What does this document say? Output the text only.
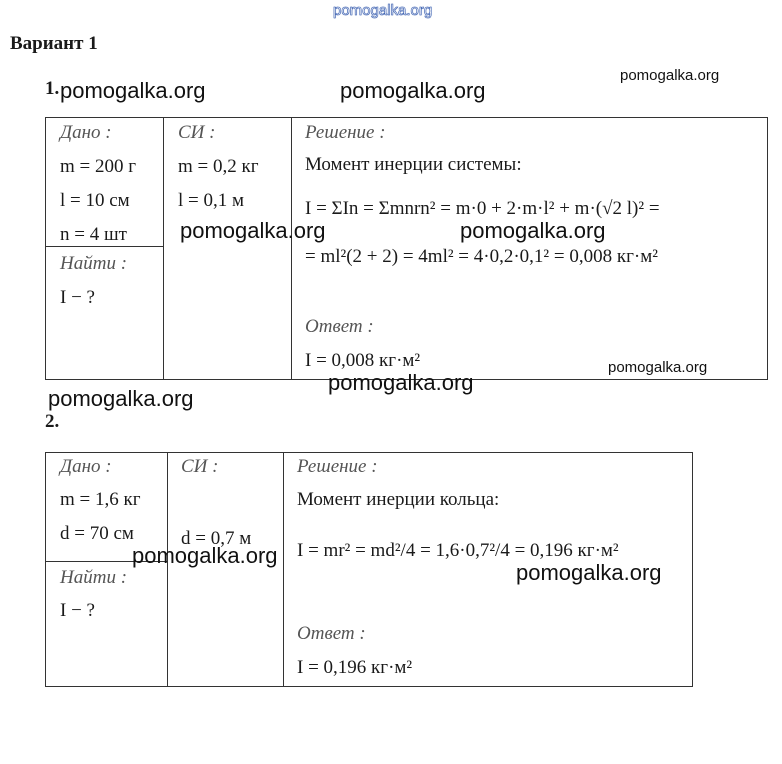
pomogalka.org
Вариант 1
1.
Дано :
m = 200 г
l = 10 см
n = 4 шт
Найти :
I − ?
СИ :
m = 0,2 кг
l = 0,1 м
Решение :
Момент инерции системы:
I = ΣIn = Σmnrn² = m·0 + 2·m·l² + m·(√2 l)² =
= ml²(2 + 2) = 4ml² = 4·0,2·0,1² = 0,008 кг·м²
Ответ :
I = 0,008 кг·м²
pomogalka.org
pomogalka.org	pomogalka.org
pomogalka.org	pomogalka.org
pomogalka.org
pomogalka.org
pomogalka.org
2.
Дано :
m = 1,6 кг
d = 70 см
Найти :
I − ?
СИ :
d = 0,7 м
Решение :
Момент инерции кольца:
I = mr² = md²/4 = 1,6·0,7²/4 = 0,196 кг·м²
Ответ :
I = 0,196 кг·м²
pomogalka.org
pomogalka.org
